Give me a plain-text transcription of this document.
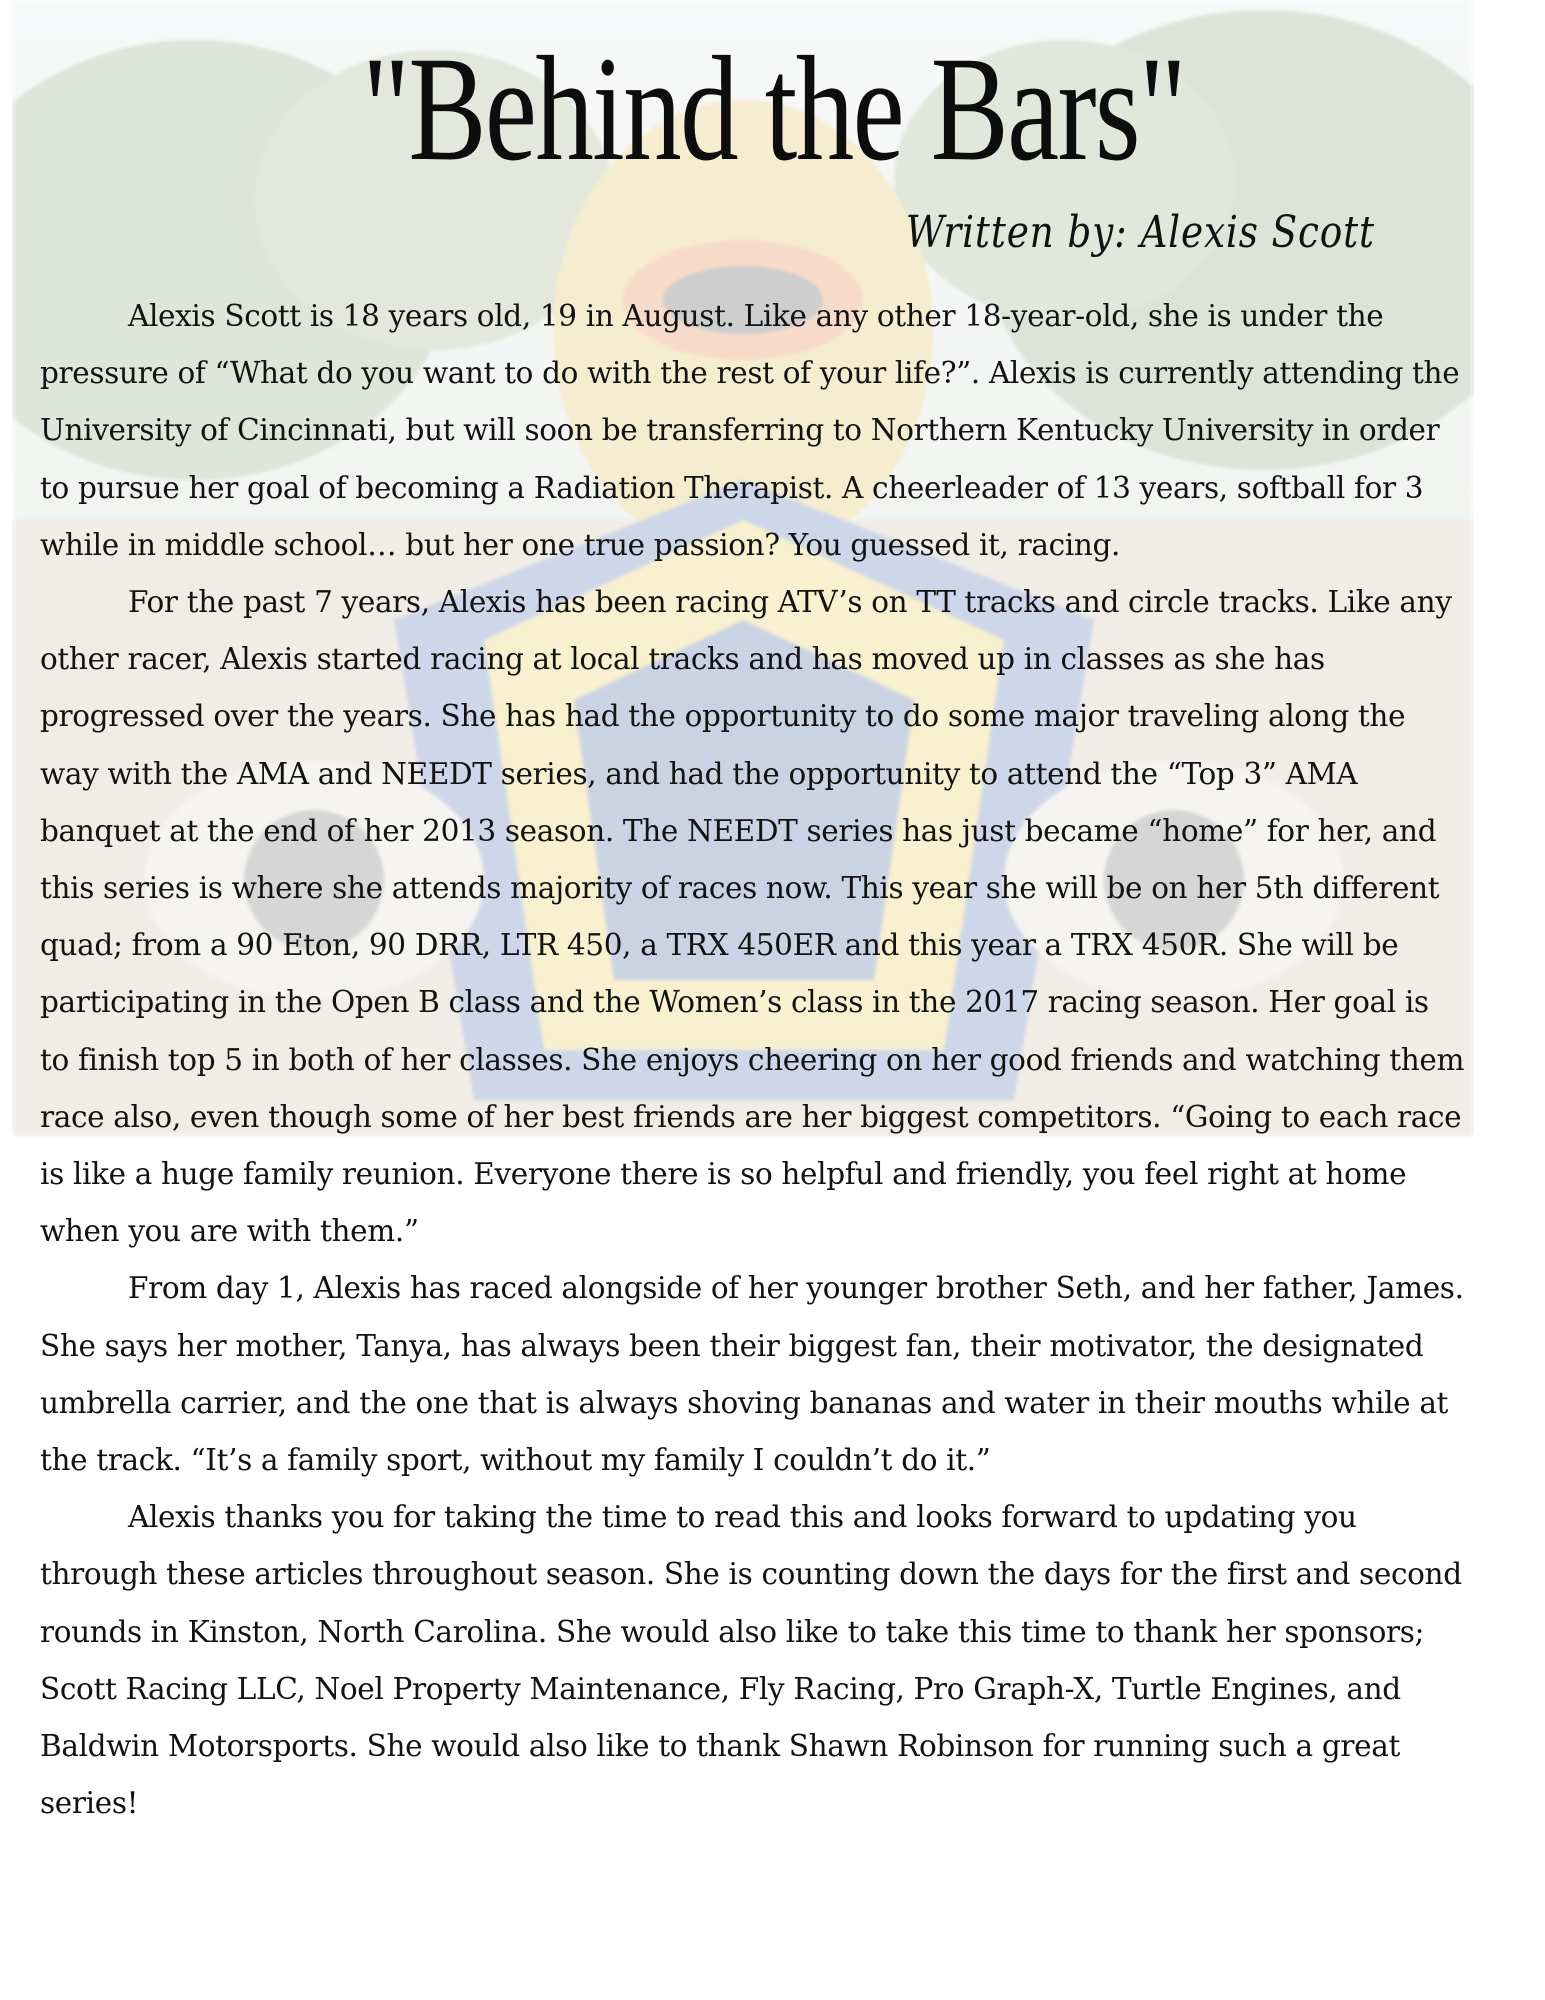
"Behind the Bars"
Written by: Alexis Scott

Alexis Scott is 18 years old, 19 in August. Like any other 18-year-old, she is under the pressure of “What do you want to do with the rest of your life?”. Alexis is currently attending the University of Cincinnati, but will soon be transferring to Northern Kentucky University in order to pursue her goal of becoming a Radiation Therapist. A cheerleader of 13 years, softball for 3 while in middle school… but her one true passion? You guessed it, racing.

For the past 7 years, Alexis has been racing ATV’s on TT tracks and circle tracks. Like any other racer, Alexis started racing at local tracks and has moved up in classes as she has progressed over the years. She has had the opportunity to do some major traveling along the way with the AMA and NEEDT series, and had the opportunity to attend the “Top 3” AMA banquet at the end of her 2013 season. The NEEDT series has just became “home” for her, and this series is where she attends majority of races now. This year she will be on her 5th different quad; from a 90 Eton, 90 DRR, LTR 450, a TRX 450ER and this year a TRX 450R. She will be participating in the Open B class and the Women’s class in the 2017 racing season. Her goal is to finish top 5 in both of her classes. She enjoys cheering on her good friends and watching them race also, even though some of her best friends are her biggest competitors. “Going to each race is like a huge family reunion. Everyone there is so helpful and friendly, you feel right at home when you are with them.”

From day 1, Alexis has raced alongside of her younger brother Seth, and her father, James. She says her mother, Tanya, has always been their biggest fan, their motivator, the designated umbrella carrier, and the one that is always shoving bananas and water in their mouths while at the track. “It’s a family sport, without my family I couldn’t do it.”

Alexis thanks you for taking the time to read this and looks forward to updating you through these articles throughout season. She is counting down the days for the first and second rounds in Kinston, North Carolina. She would also like to take this time to thank her sponsors; Scott Racing LLC, Noel Property Maintenance, Fly Racing, Pro Graph-X, Turtle Engines, and Baldwin Motorsports. She would also like to thank Shawn Robinson for running such a great series!
